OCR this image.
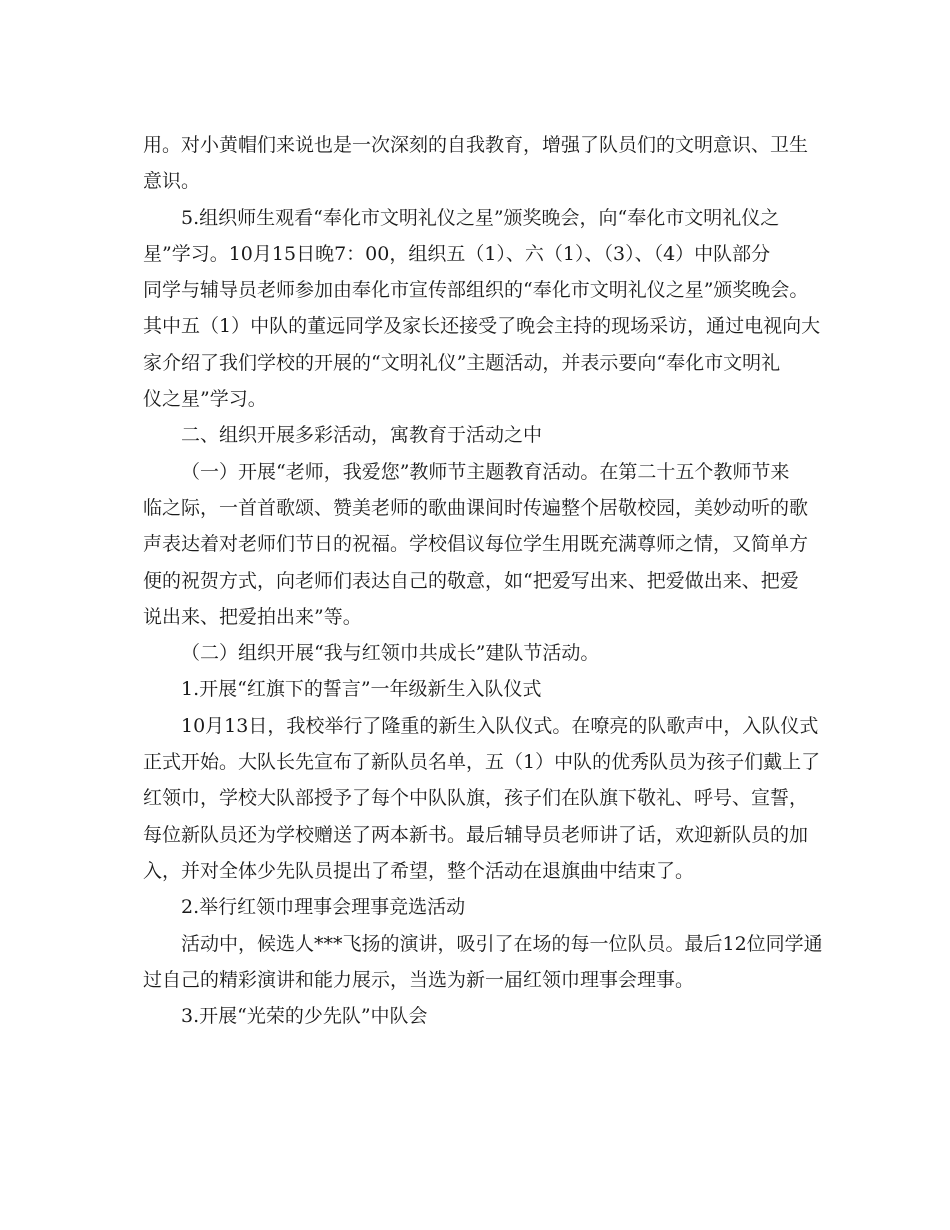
用。对小黄帽们来说也是一次深刻的自我教育，增强了队员们的文明意识、卫生
意识。
5.组织师生观看“奉化市文明礼仪之星”颁奖晚会，向“奉化市文明礼仪之
星”学习。10月15日晚7：00，组织五（1）、六（1）、（3）、（4）中队部分
同学与辅导员老师参加由奉化市宣传部组织的“奉化市文明礼仪之星”颁奖晚会。
其中五（1）中队的董远同学及家长还接受了晚会主持的现场采访，通过电视向大
家介绍了我们学校的开展的“文明礼仪”主题活动，并表示要向“奉化市文明礼
仪之星”学习。
二、组织开展多彩活动，寓教育于活动之中
（一）开展“老师，我爱您”教师节主题教育活动。在第二十五个教师节来
临之际，一首首歌颂、赞美老师的歌曲课间时传遍整个居敬校园，美妙动听的歌
声表达着对老师们节日的祝福。学校倡议每位学生用既充满尊师之情，又简单方
便的祝贺方式，向老师们表达自己的敬意，如“把爱写出来、把爱做出来、把爱
说出来、把爱拍出来”等。
（二）组织开展“我与红领巾共成长”建队节活动。
1.开展“红旗下的誓言”一年级新生入队仪式
10月13日，我校举行了隆重的新生入队仪式。在嘹亮的队歌声中，入队仪式
正式开始。大队长先宣布了新队员名单，五（1）中队的优秀队员为孩子们戴上了
红领巾，学校大队部授予了每个中队队旗，孩子们在队旗下敬礼、呼号、宣誓，
每位新队员还为学校赠送了两本新书。最后辅导员老师讲了话，欢迎新队员的加
入，并对全体少先队员提出了希望，整个活动在退旗曲中结束了。
2.举行红领巾理事会理事竞选活动
活动中，候选人***飞扬的演讲，吸引了在场的每一位队员。最后12位同学通
过自己的精彩演讲和能力展示，当选为新一届红领巾理事会理事。
3.开展“光荣的少先队”中队会
